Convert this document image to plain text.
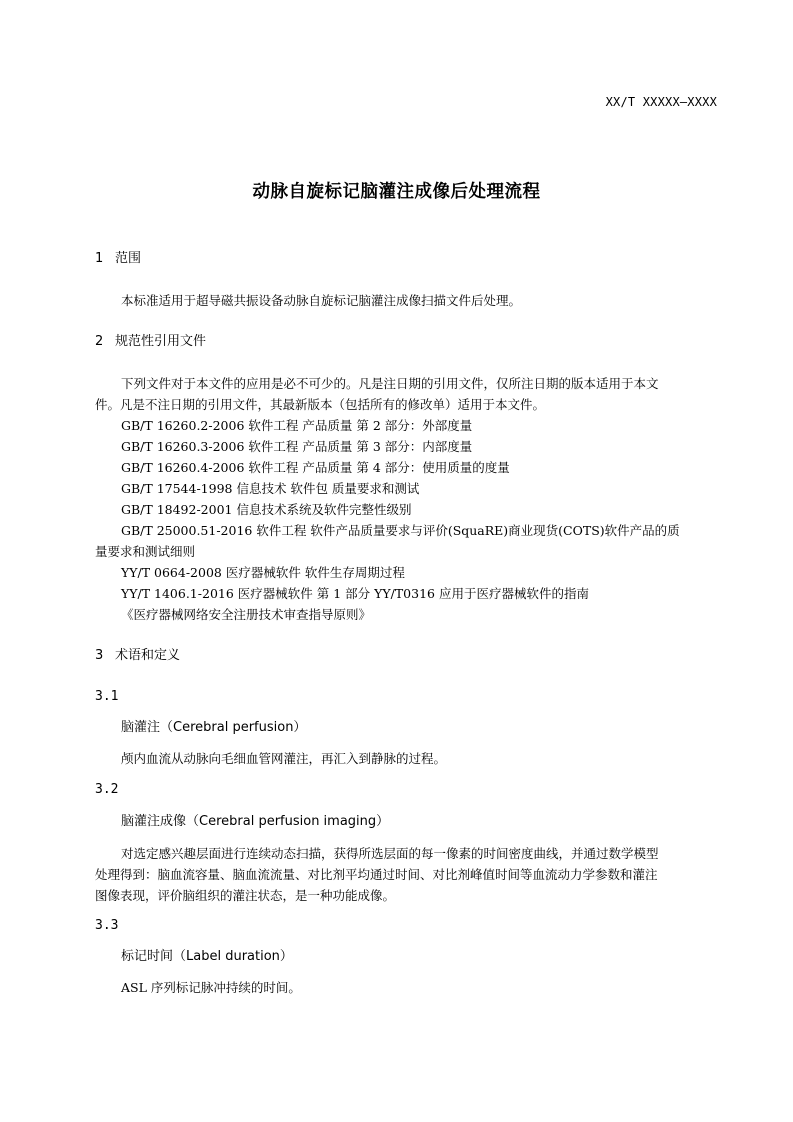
XX/T XXXXX—XXXX
动脉自旋标记脑灌注成像后处理流程
1 范围
本标准适用于超导磁共振设备动脉自旋标记脑灌注成像扫描文件后处理。
2 规范性引用文件
下列文件对于本文件的应用是必不可少的。凡是注日期的引用文件，仅所注日期的版本适用于本文
件。凡是不注日期的引用文件，其最新版本（包括所有的修改单）适用于本文件。
GB/T 16260.2-2006 软件工程 产品质量 第 2 部分：外部度量
GB/T 16260.3-2006 软件工程 产品质量 第 3 部分：内部度量
GB/T 16260.4-2006 软件工程 产品质量 第 4 部分：使用质量的度量
GB/T 17544-1998 信息技术 软件包 质量要求和测试
GB/T 18492-2001 信息技术系统及软件完整性级别
GB/T 25000.51-2016 软件工程 软件产品质量要求与评价(SquaRE)商业现货(COTS)软件产品的质
量要求和测试细则
YY/T 0664-2008 医疗器械软件 软件生存周期过程
YY/T 1406.1-2016 医疗器械软件 第 1 部分 YY/T0316 应用于医疗器械软件的指南
《医疗器械网络安全注册技术审查指导原则》
3 术语和定义
3.1
脑灌注（Cerebral perfusion）
颅内血流从动脉向毛细血管网灌注，再汇入到静脉的过程。
3.2
脑灌注成像（Cerebral perfusion imaging）
对选定感兴趣层面进行连续动态扫描，获得所选层面的每一像素的时间密度曲线，并通过数学模型
处理得到：脑血流容量、脑血流流量、对比剂平均通过时间、对比剂峰值时间等血流动力学参数和灌注
图像表现，评价脑组织的灌注状态，是一种功能成像。
3.3
标记时间（Label duration）
ASL 序列标记脉冲持续的时间。
